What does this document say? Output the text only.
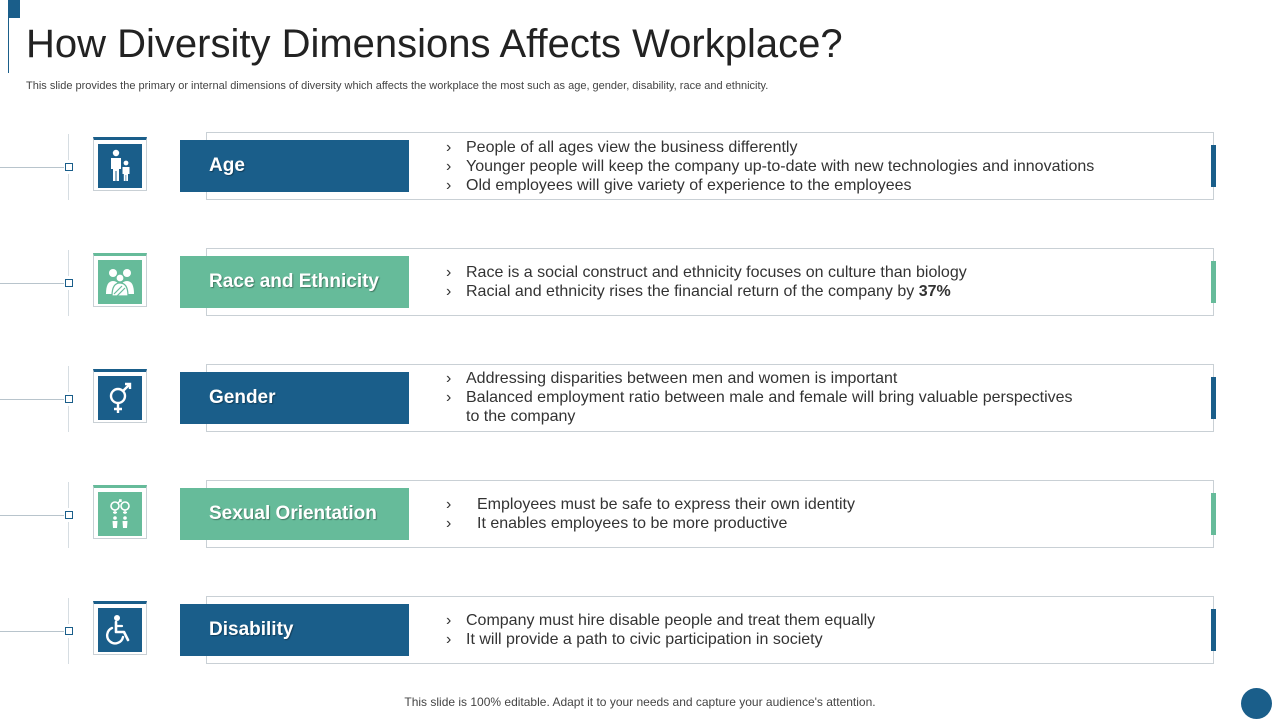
How Diversity Dimensions Affects Workplace?
This slide provides the primary or internal dimensions of diversity which affects the workplace the most such as age, gender, disability, race and ethnicity.
Age
› People of all ages view the business differently
› Younger people will keep the company up-to-date with new technologies and innovations
› Old employees will give variety of experience to the employees
Race and Ethnicity	› Race is a social construct and ethnicity focuses on culture than biology
› Racial and ethnicity rises the financial return of the company by 37%
Gender
› Addressing disparities between men and women is important
› Balanced employment ratio between male and female will bring valuable perspectives to the company
Sexual Orientation	› Employees must be safe to express their own identity
› It enables employees to be more productive
Disability	› Company must hire disable people and treat them equally
› It will provide a path to civic participation in society
This slide is 100% editable. Adapt it to your needs and capture your audience's attention.
